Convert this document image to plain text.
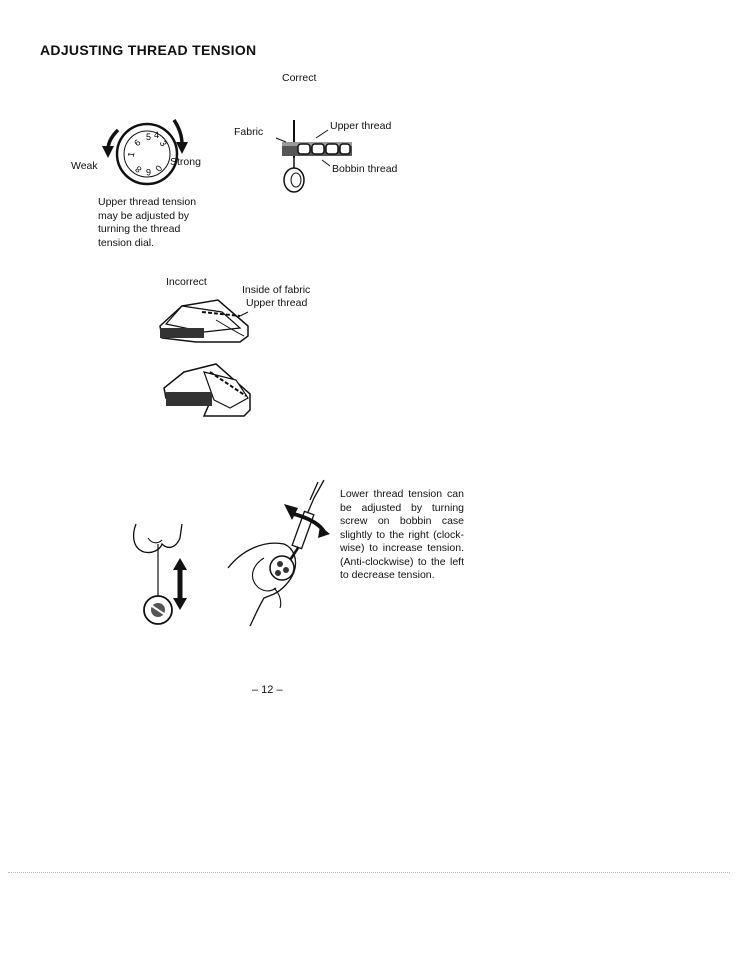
ADJUSTING THREAD TENSION
5 4
3
6
1
8 6 0
Weak	Strong
Upper thread tension may be adjusted by turning the thread tension dial.
Correct
Fabric	Upper thread
Bobbin thread
Incorrect
Inside of fabric
Upper thread
Lower thread tension can be adjusted by turning screw on bobbin case slightly to the right (clock-wise) to increase tension. (Anti-clockwise) to the left to decrease tension.
– 12 –
